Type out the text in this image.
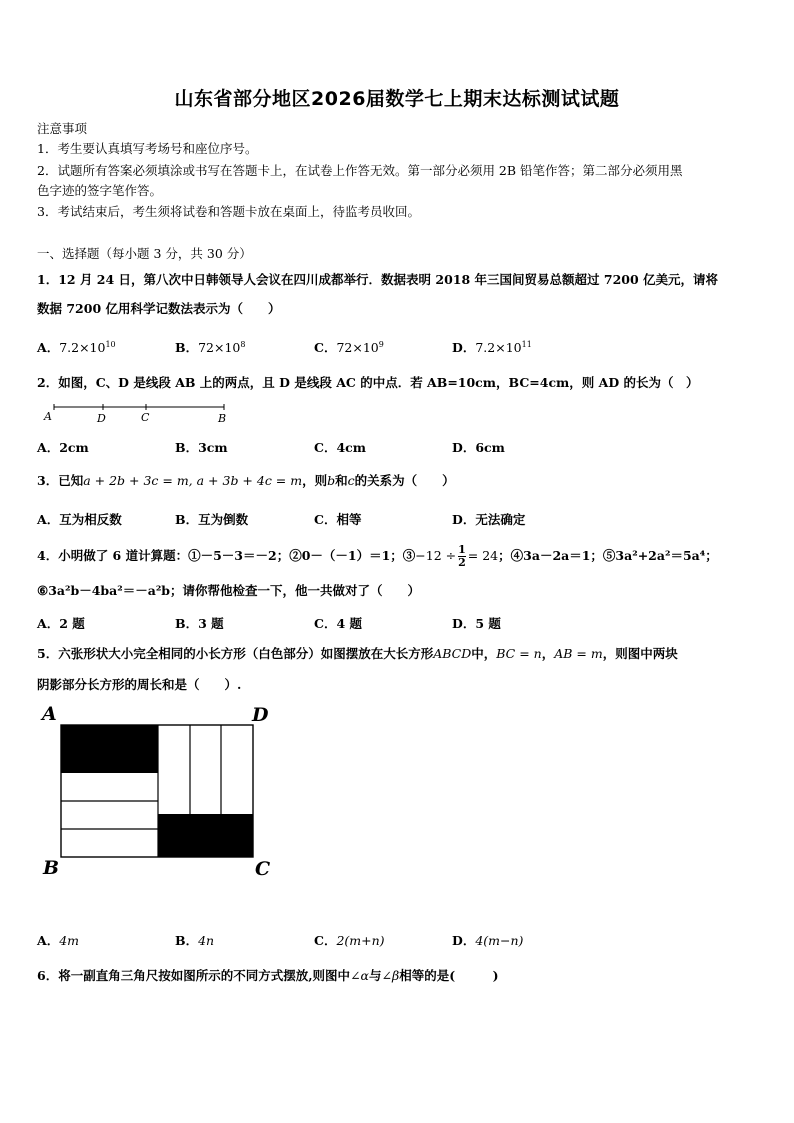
山东省部分地区2026届数学七上期末达标测试试题
注意事项
1．考生要认真填写考场号和座位序号。
2．试题所有答案必须填涂或书写在答题卡上，在试卷上作答无效。第一部分必须用 2B 铅笔作答；第二部分必须用黑
色字迹的签字笔作答。
3．考试结束后，考生须将试卷和答题卡放在桌面上，待监考员收回。
一、选择题（每小题 3 分，共 30 分）
1．12 月 24 日，第八次中日韩领导人会议在四川成都举行．数据表明 2018 年三国间贸易总额超过 7200 亿美元，请将
数据 7200 亿用科学记数法表示为（　　）
A．$7.2\times 10^{10}$	B．$72\times 10^8$	C．$72\times 10^9$	D．$7.2\times 10^{11}$
2．如图，C、D 是线段 AB 上的两点，且 D 是线段 AC 的中点．若 AB=10cm，BC=4cm，则 AD 的长为（　）
A	D	C	B
A．2cm	B．3cm	C．4cm	D．6cm
3．已知a + 2b + 3c = m, a + 3b + 4c = m，则b和c的关系为（　　）
A．互为相反数	B．互为倒数	C．相等	D．无法确定
4．小明做了 6 道计算题：①－5－3＝－2；②0－（－1）＝1；③−12 ÷ $\frac{1}{2} = 24$；④3a－2a＝1；⑤3a²+2a²＝5a⁴；
⑥3a²b－4ba²＝－a²b；请你帮他检查一下，他一共做对了（　　）
A．2 题	B．3 题	C．4 题	D．5 题
5．六张形状大小完全相同的小长方形（白色部分）如图摆放在大长方形ABCD中，BC = n，AB = m，则图中两块
阴影部分长方形的周长和是（　　）.
A	D
B	C
A．4m	B．4n	C．2(m+n)	D．4(m−n)
6．将一副直角三角尺按如图所示的不同方式摆放,则图中∠α与∠β相等的是(　　　)
